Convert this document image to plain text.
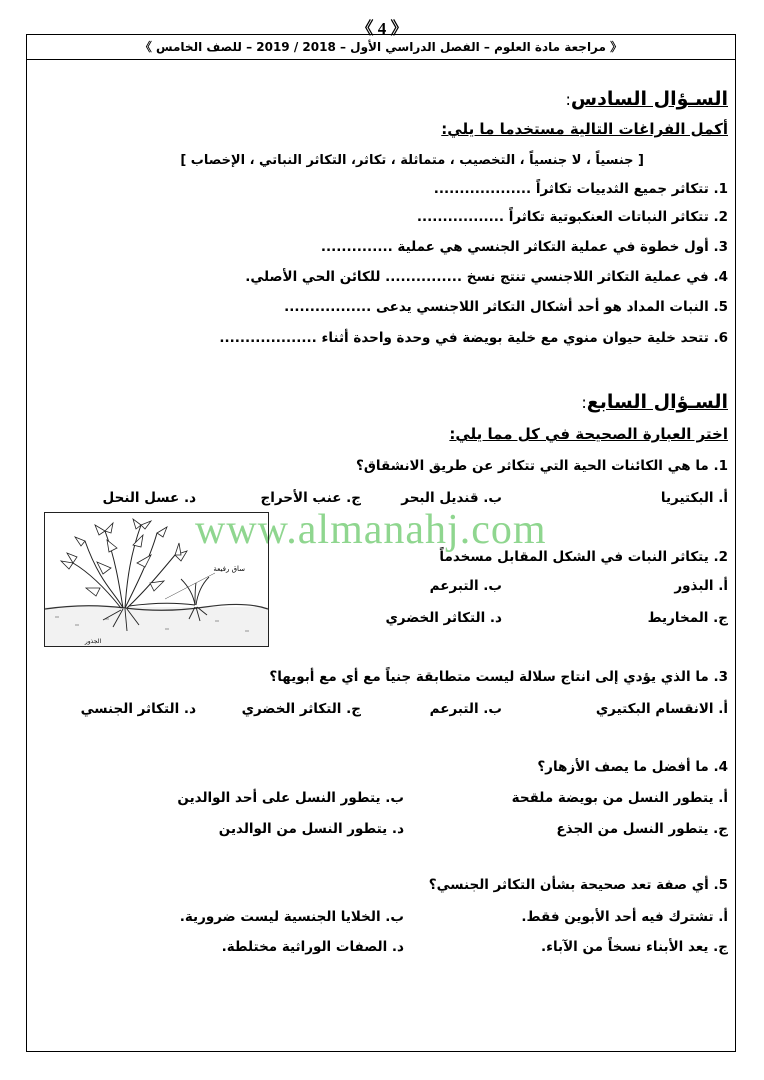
《 4 》
《 مراجعة مادة العلوم – الفصل الدراسي الأول – 2018 / 2019 – للصف الخامس 》
السـؤال السادس:
أكمل الفراغات التالية مستخدما ما يلي:
[ جنسياً ، لا جنسياً ، التخصيب ، متماثلة ، تكاثر، التكاثر النباتي ، الإخصاب ]
1. تتكاثر جميع الثدييات تكاثراً ...................
2. تتكاثر النباتات العنكبوتية تكاثراً .................
3. أول خطوة في عملية التكاثر الجنسي هي عملية ..............
4. في عملية التكاثر اللاجنسي تنتج نسخ ............... للكائن الحي الأصلي.
5. النبات المداد هو أحد أشكال التكاثر اللاجنسي يدعى .................
6. تتحد خلية حيوان منوي مع خلية بويضة في وحدة واحدة أثناء ...................
السـؤال السابع:
اختر العبارة الصحيحة في كل مما يلي:
1. ما هي الكائنات الحية التي تتكاثر عن طريق الانشقاق؟
أ. البكتيريا
ب. قنديل البحر
ج. عنب الأحراج
د. عسل النحل
www.almanahj.com
2. يتكاثر النبات في الشكل المقابل مسخدماً
أ. البذور
ب. التبرعم
ج. المخاريط
د. التكاثر الخضري
ساق رفيعة
الجذور
3. ما الذي يؤدي إلى انتاج سلالة ليست متطابقة جنياً مع أي مع أبويها؟
أ. الانقسام البكتيري
ب. التبرعم
ج. التكاثر الخضري
د. التكاثر الجنسي
4. ما أفضل ما يصف الأزهار؟
أ. يتطور النسل من بويضة ملقحة
ب. يتطور النسل على أحد الوالدين
ج. يتطور النسل من الجذع
د. يتطور النسل من الوالدين
5. أي صفة تعد صحيحة بشأن التكاثر الجنسي؟
أ. تشترك فيه أحد الأبوين فقط.
ب. الخلايا الجنسية ليست ضرورية.
ج. يعد الأبناء نسخاً من الآباء.
د. الصفات الوراثية مختلطة.
